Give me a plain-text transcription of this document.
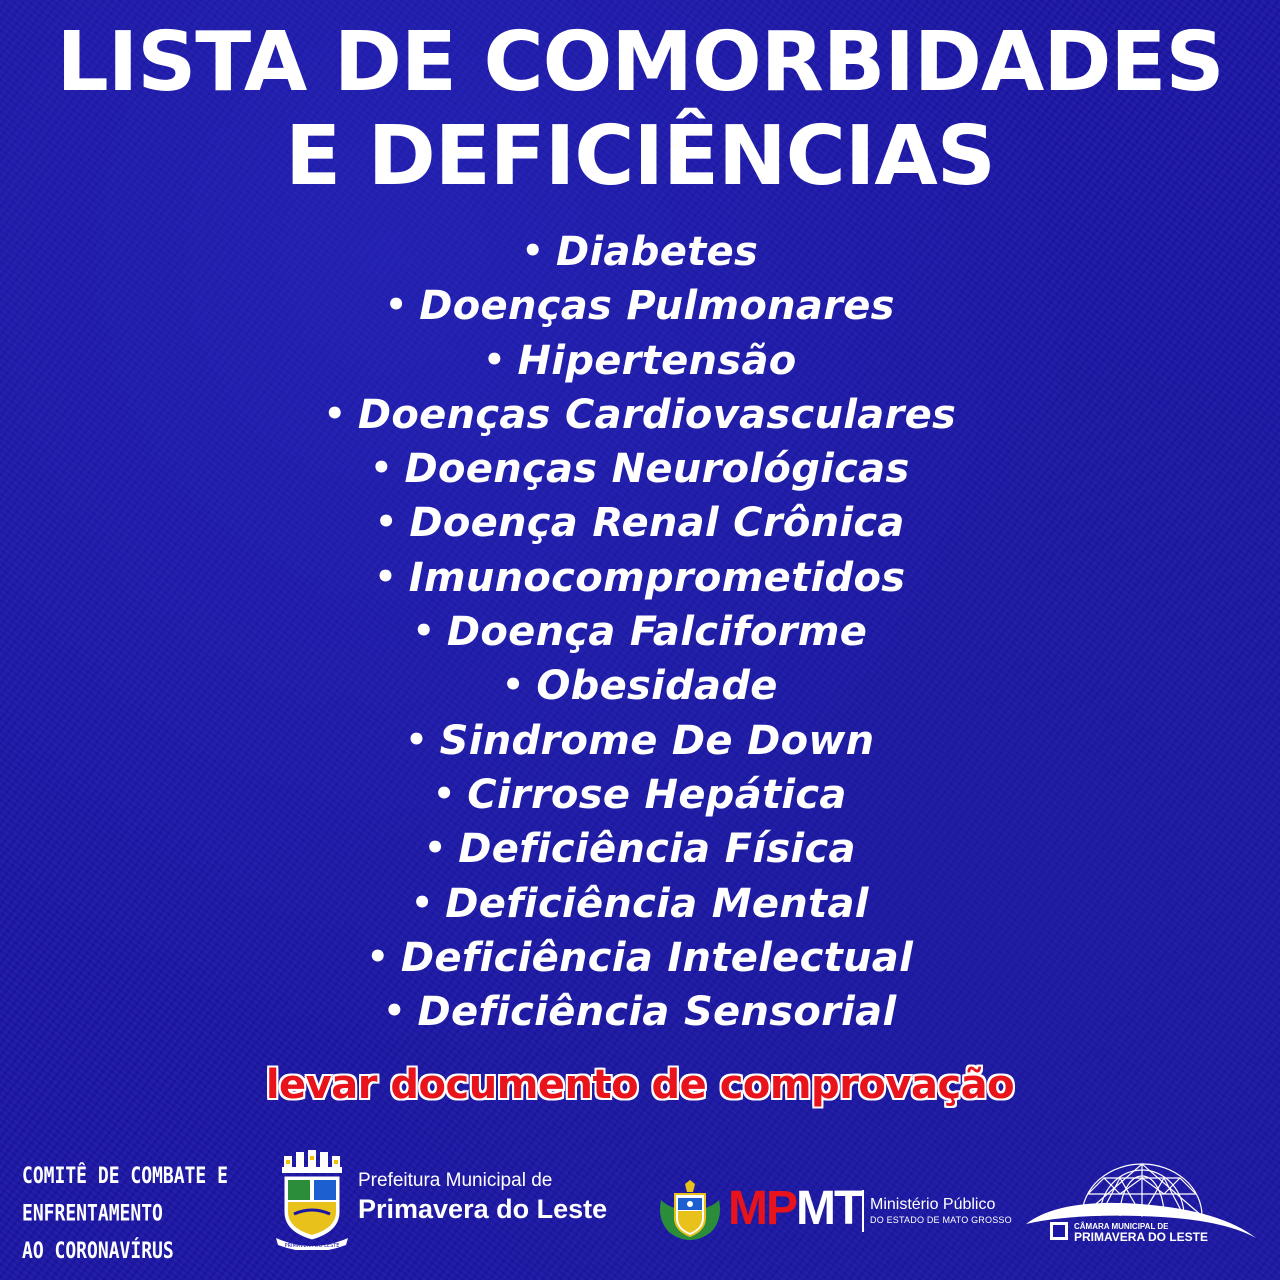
LISTA DE COMORBIDADES
E DEFICIÊNCIAS
• Diabetes
• Doenças Pulmonares
• Hipertensão
• Doenças Cardiovasculares
• Doenças Neurológicas
• Doença Renal Crônica
• Imunocomprometidos
• Doença Falciforme
• Obesidade
• Sindrome De Down
• Cirrose Hepática
• Deficiência Física
• Deficiência Mental
• Deficiência Intelectual
• Deficiência Sensorial
levar documento de comprovação
COMITÊ DE COMBATE E
ENFRENTAMENTO
AO CORONAVÍRUS	PRIMAVERA DO LESTE
Prefeitura Municipal de
Primavera do Leste	MPMT Ministério Público
DO ESTADO DE MATO GROSSO
CÂMARA MUNICIPAL DE
PRIMAVERA DO LESTE
